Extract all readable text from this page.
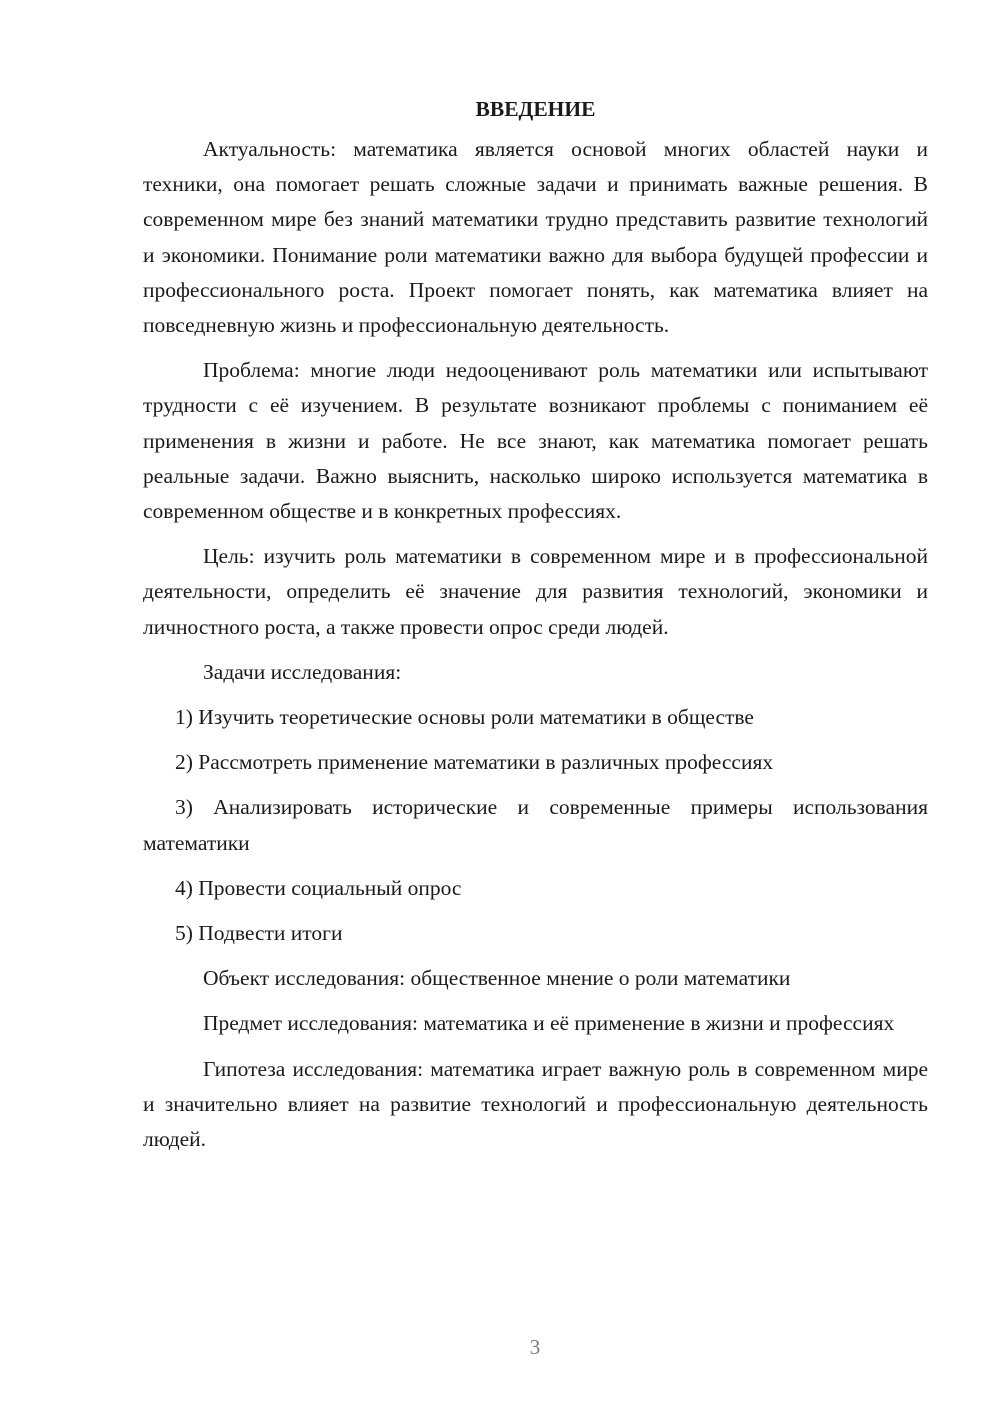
ВВЕДЕНИЕ

Актуальность: математика является основой многих областей науки и техники, она помогает решать сложные задачи и принимать важные решения. В современном мире без знаний математики трудно представить развитие технологий и экономики. Понимание роли математики важно для выбора будущей профессии и профессионального роста. Проект помогает понять, как математика влияет на повседневную жизнь и профессиональную деятельность.

Проблема: многие люди недооценивают роль математики или испытывают трудности с её изучением. В результате возникают проблемы с пониманием её применения в жизни и работе. Не все знают, как математика помогает решать реальные задачи. Важно выяснить, насколько широко используется математика в современном обществе и в конкретных профессиях.

Цель: изучить роль математики в современном мире и в профессиональной деятельности, определить её значение для развития технологий, экономики и личностного роста, а также провести опрос среди людей.

Задачи исследования:

1) Изучить теоретические основы роли математики в обществе

2) Рассмотреть применение математики в различных профессиях

3) Анализировать исторические и современные примеры использования математики

4) Провести социальный опрос

5) Подвести итоги

Объект исследования: общественное мнение о роли математики

Предмет исследования: математика и её применение в жизни и профессиях

Гипотеза исследования: математика играет важную роль в современном мире и значительно влияет на развитие технологий и профессиональную деятельность людей.

3
